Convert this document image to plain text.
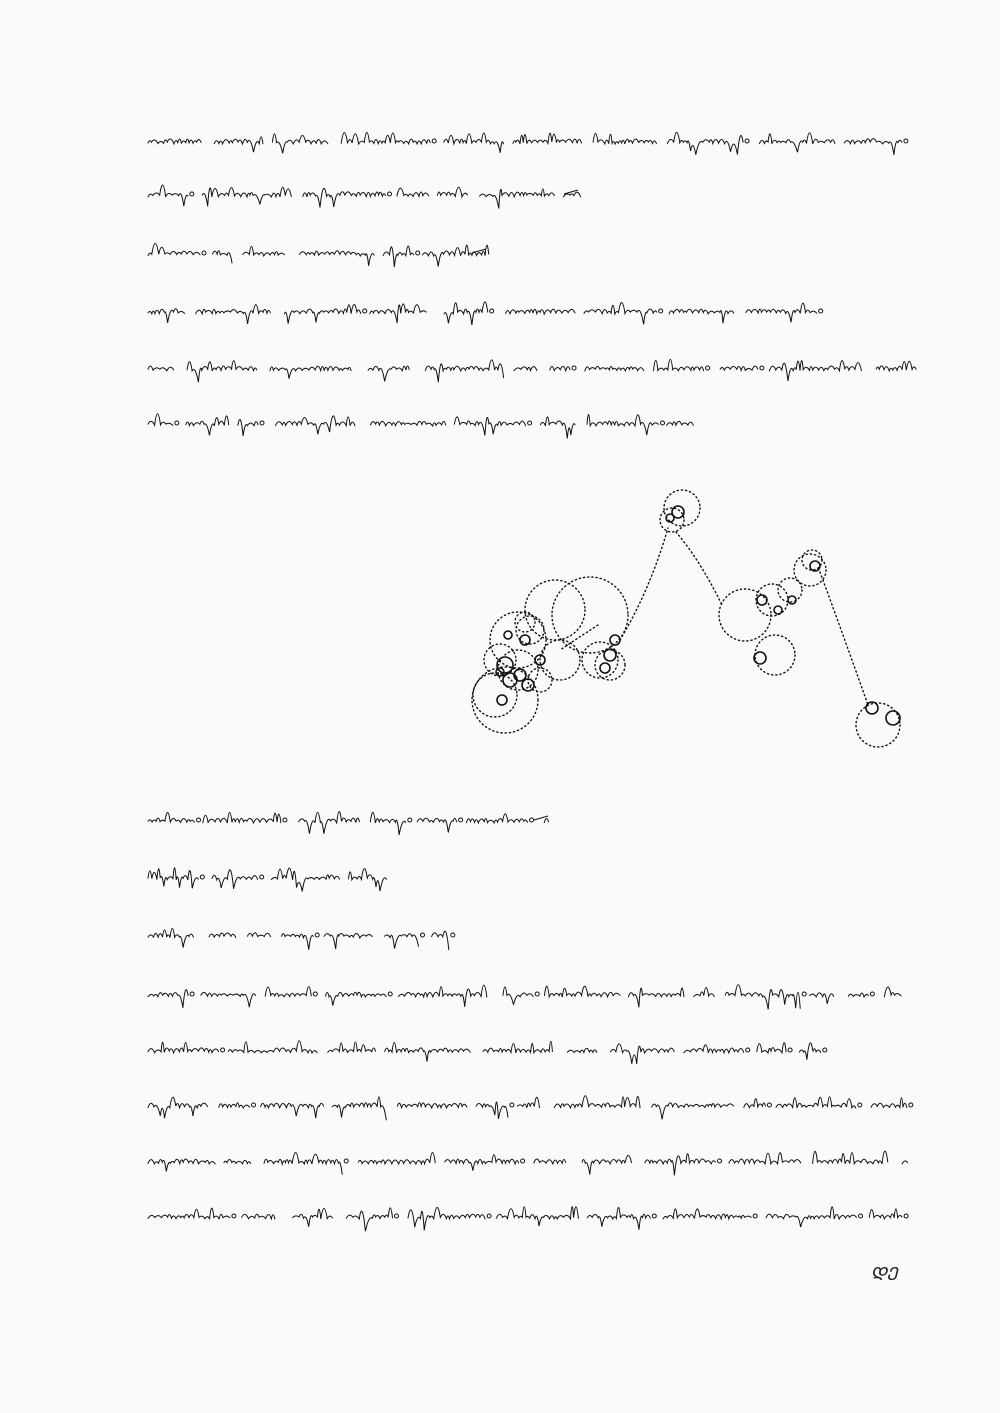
ᲓᲔ
